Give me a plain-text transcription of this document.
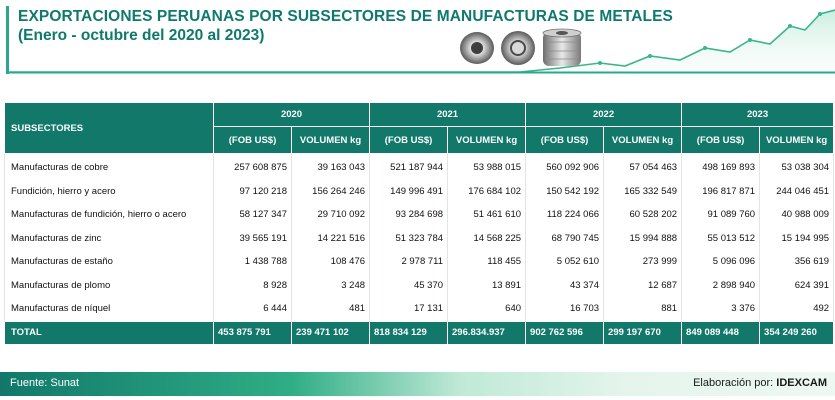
EXPORTACIONES PERUANAS POR SUBSECTORES DE MANUFACTURAS DE METALES
(Enero - octubre del 2020 al 2023)
SUBSECTORES	2020		2021		2022		2023	
	(FOB US$)	VOLUMEN kg	(FOB US$)	VOLUMEN kg	(FOB US$)	VOLUMEN kg	(FOB US$)	VOLUMEN kg
Manufacturas de cobre	257 608 875	39 163 043	521 187 944	53 988 015	560 092 906	57 054 463	498 169 893	53 038 304
Fundición, hierro y acero	97 120 218	156 264 246	149 996 491	176 684 102	150 542 192	165 332 549	196 817 871	244 046 451
Manufacturas de fundición, hierro o acero	58 127 347	29 710 092	93 284 698	51 461 610	118 224 066	60 528 202	91 089 760	40 988 009
Manufacturas de zinc	39 565 191	14 221 516	51 323 784	14 568 225	68 790 745	15 994 888	55 013 512	15 194 995
Manufacturas de estaño	1 438 788	108 476	2 978 711	118 455	5 052 610	273 999	5 096 096	356 619
Manufacturas de plomo	8 928	3 248	45 370	13 891	43 374	12 687	2 898 940	624 391
Manufacturas de níquel	6 444	481	17 131	640	16 703	881	3 376	492
TOTAL	453 875 791	239 471 102	818 834 129	296.834.937	902 762 596	299 197 670	849 089 448	354 249 260
Fuente: Sunat	Elaboración por: IDEXCAM
